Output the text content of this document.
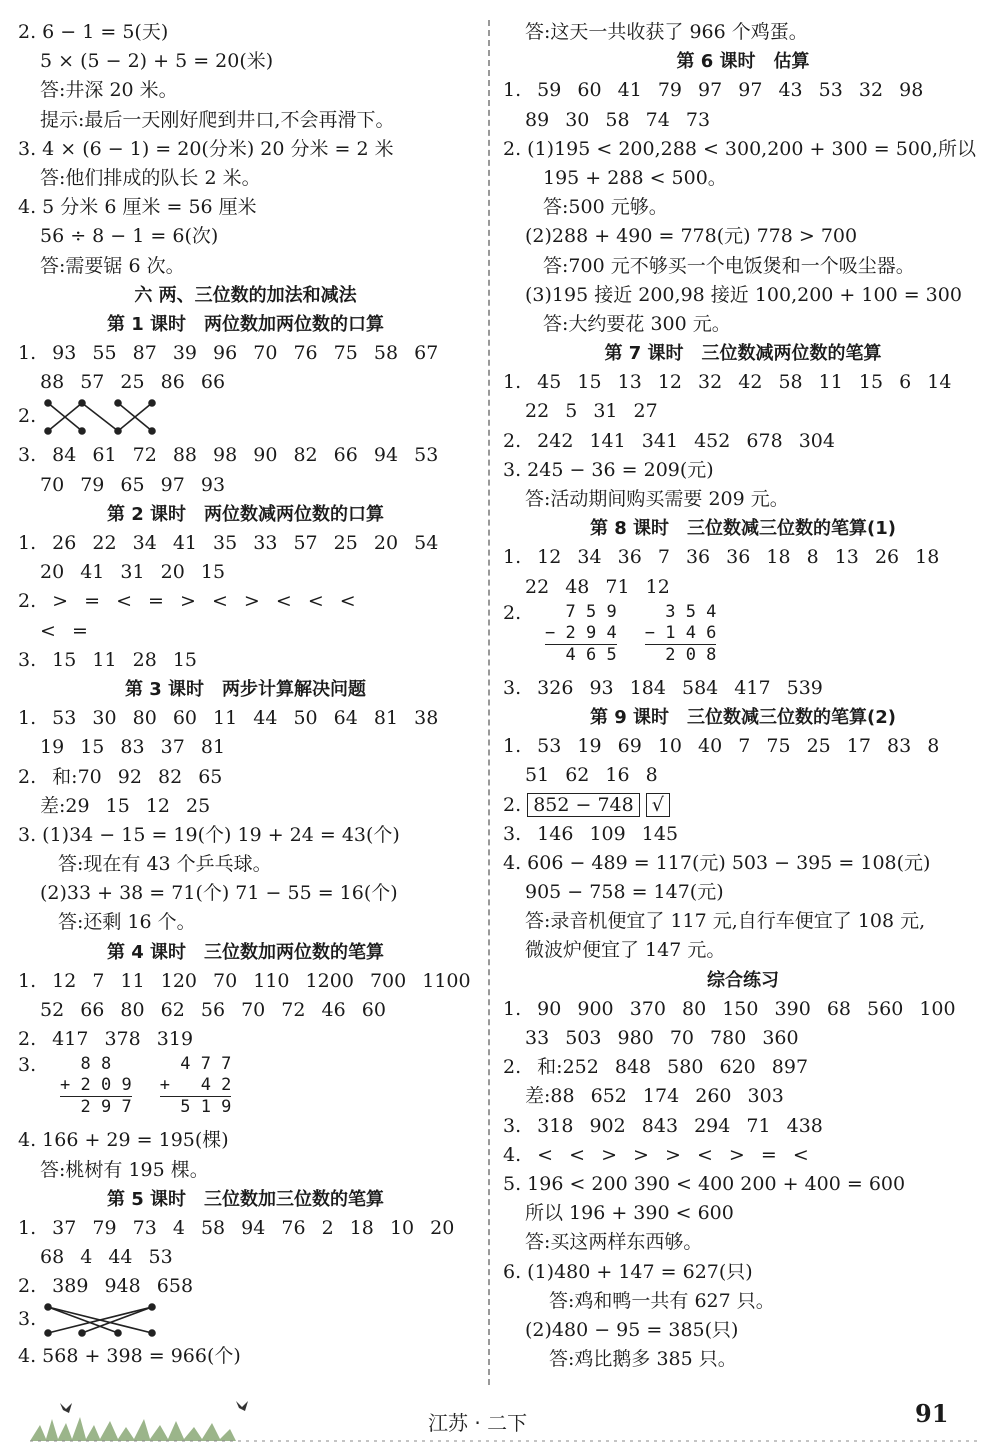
2. 6 − 1 = 5(天)
5 × (5 − 2) + 5 = 20(米)
答:井深 20 米。
提示:最后一天刚好爬到井口,不会再滑下。
3. 4 × (6 − 1) = 20(分米) 20 分米 = 2 米
答:他们排成的队长 2 米。
4. 5 分米 6 厘米 = 56 厘米
56 ÷ 8 − 1 = 6(次)
答:需要锯 6 次。
六 两、三位数的加法和减法
第 1 课时 两位数加两位数的口算
1. 93 55 87 39 96 70 76 75 58 67
88 57 25 86 66
2.
3. 84 61 72 88 98 90 82 66 94 53
70 79 65 97 93
第 2 课时 两位数减两位数的口算
1. 26 22 34 41 35 33 57 25 20 54
20 41 31 20 15
2. > = < = > < > < < <
< =
3. 15 11 28 15
第 3 课时 两步计算解决问题
1. 53 30 80 60 11 44 50 64 81 38
19 15 83 37 81
2. 和:70 92 82 65
差:29 15 12 25
3. (1)34 − 15 = 19(个) 19 + 24 = 43(个)
答:现在有 43 个乒乓球。
(2)33 + 38 = 71(个) 71 − 55 = 16(个)
答:还剩 16 个。
第 4 课时 三位数加两位数的笔算
1. 12 7 11 120 70 110 1200 700 1100
52 66 80 62 56 70 72 46 60
2. 417 378 319
3. 8 8
+ 2 0 9
2 9 7

4 7 7
+   4 2
5 1 9
4. 166 + 29 = 195(棵)
答:桃树有 195 棵。
第 5 课时 三位数加三位数的笔算
1. 37 79 73 4 58 94 76 2 18 10 20
68 4 44 53
2. 389 948 658
3.
4. 568 + 398 = 966(个)
答:这天一共收获了 966 个鸡蛋。
第 6 课时 估算
1. 59 60 41 79 97 97 43 53 32 98
89 30 58 74 73
2. (1)195 < 200,288 < 300,200 + 300 = 500,所以
195 + 288 < 500。
答:500 元够。
(2)288 + 490 = 778(元) 778 > 700
答:700 元不够买一个电饭煲和一个吸尘器。
(3)195 接近 200,98 接近 100,200 + 100 = 300
答:大约要花 300 元。
第 7 课时 三位数减两位数的笔算
1. 45 15 13 12 32 42 58 11 15 6 14
22 5 31 27
2. 242 141 341 452 678 304
3. 245 − 36 = 209(元)
答:活动期间购买需要 209 元。
第 8 课时 三位数减三位数的笔算(1)
1. 12 34 36 7 36 36 18 8 13 26 18
22 48 71 12
2. 7 5 9
− 2 9 4
4 6 5

3 5 4
− 1 4 6
2 0 8
3. 326 93 184 584 417 539
第 9 课时 三位数减三位数的笔算(2)
1. 53 19 69 10 40 7 75 25 17 83 8
51 62 16 8
2. 852 − 748 √
3. 146 109 145
4. 606 − 489 = 117(元) 503 − 395 = 108(元)
905 − 758 = 147(元)
答:录音机便宜了 117 元,自行车便宜了 108 元,
微波炉便宜了 147 元。
综合练习
1. 90 900 370 80 150 390 68 560 100
33 503 980 70 780 360
2. 和:252 848 580 620 897
差:88 652 174 260 303
3. 318 902 843 294 71 438
4. < < > > > < > = <
5. 196 < 200 390 < 400 200 + 400 = 600
所以 196 + 390 < 600
答:买这两样东西够。
6. (1)480 + 147 = 627(只)
答:鸡和鸭一共有 627 只。
(2)480 − 95 = 385(只)
答:鸡比鹅多 385 只。
江苏 · 二下	91
